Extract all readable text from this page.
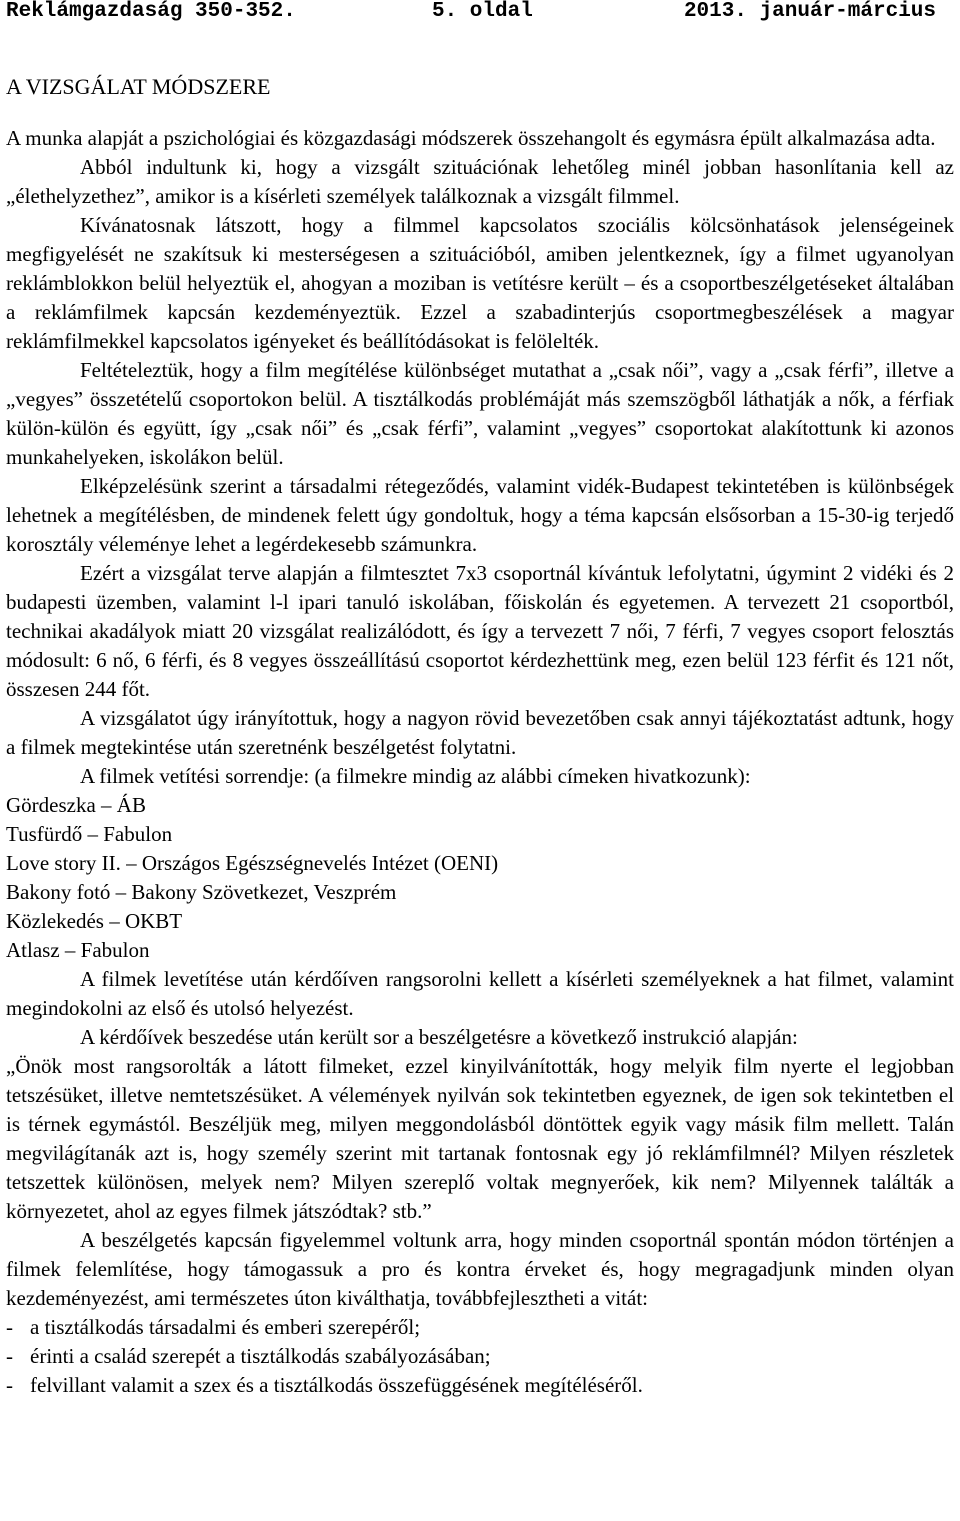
Reklámgazdaság 350-352.	5. oldal	2013. január-március
A VIZSGÁLAT MÓDSZERE

A munka alapját a pszichológiai és közgazdasági módszerek összehangolt és egymásra épült alkalmazása adta.

Abból indultunk ki, hogy a vizsgált szituációnak lehetőleg minél jobban hasonlítania kell az „élethelyzethez”, amikor is a kísérleti személyek találkoznak a vizsgált filmmel.

Kívánatosnak látszott, hogy a filmmel kapcsolatos szociális kölcsönhatások jelenségeinek megfigyelését ne szakítsuk ki mesterségesen a szituációból, amiben jelentkeznek, így a filmet ugyanolyan reklámblokkon belül helyeztük el, ahogyan a moziban is vetítésre került – és a csoportbeszélgetéseket általában a reklámfilmek kapcsán kezdeményeztük. Ezzel a szabadinterjús csoportmegbeszélések a magyar reklámfilmekkel kapcsolatos igényeket és beállítódásokat is felölelték.

Feltételeztük, hogy a film megítélése különbséget mutathat a „csak női”, vagy a „csak férfi”, illetve a „vegyes” összetételű csoportokon belül. A tisztálkodás problémáját más szemszögből láthatják a nők, a férfiak külön-külön és együtt, így „csak női” és „csak férfi”, valamint „vegyes” csoportokat alakítottunk ki azonos munkahelyeken, iskolákon belül.

Elképzelésünk szerint a társadalmi rétegeződés, valamint vidék-Budapest tekintetében is különbségek lehetnek a megítélésben, de mindenek felett úgy gondoltuk, hogy a téma kapcsán elsősorban a 15-30-ig terjedő korosztály véleménye lehet a legérdekesebb számunkra.

Ezért a vizsgálat terve alapján a filmtesztet 7x3 csoportnál kívántuk lefolytatni, úgymint 2 vidéki és 2 budapesti üzemben, valamint l-l ipari tanuló iskolában, főiskolán és egyetemen. A tervezett 21 csoportból, technikai akadályok miatt 20 vizsgálat realizálódott, és így a tervezett 7 női, 7 férfi, 7 vegyes csoport felosztás módosult: 6 nő, 6 férfi, és 8 vegyes összeállítású csoportot kérdezhettünk meg, ezen belül 123 férfit és 121 nőt, összesen 244 főt.

A vizsgálatot úgy irányítottuk, hogy a nagyon rövid bevezetőben csak annyi tájékoztatást adtunk, hogy a filmek megtekintése után szeretnénk beszélgetést folytatni.

A filmek vetítési sorrendje: (a filmekre mindig az alábbi címeken hivatkozunk):

Gördeszka – ÁB
Tusfürdő – Fabulon
Love story II. – Országos Egészségnevelés Intézet (OENI)
Bakony fotó – Bakony Szövetkezet, Veszprém
Közlekedés – OKBT
Atlasz – Fabulon

A filmek levetítése után kérdőíven rangsorolni kellett a kísérleti személyeknek a hat filmet, valamint megindokolni az első és utolsó helyezést.

A kérdőívek beszedése után került sor a beszélgetésre a következő instrukció alapján:

„Önök most rangsorolták a látott filmeket, ezzel kinyilvánították, hogy melyik film nyerte el legjobban tetszésüket, illetve nemtetszésüket. A vélemények nyilván sok tekintetben egyeznek, de igen sok tekintetben el is térnek egymástól. Beszéljük meg, milyen meggondolásból döntöttek egyik vagy másik film mellett. Talán megvilágítanák azt is, hogy személy szerint mit tartanak fontosnak egy jó reklámfilmnél? Milyen részletek tetszettek különösen, melyek nem? Milyen szereplő voltak megnyerőek, kik nem? Milyennek találták a környezetet, ahol az egyes filmek játszódtak? stb.”

A beszélgetés kapcsán figyelemmel voltunk arra, hogy minden csoportnál spontán módon történjen a filmek felemlítése, hogy támogassuk a pro és kontra érveket és, hogy megragadjunk minden olyan kezdeményezést, ami természetes úton kiválthatja, továbbfejlesztheti a vitát:

- a tisztálkodás társadalmi és emberi szerepéről;
- érinti a család szerepét a tisztálkodás szabályozásában;
- felvillant valamit a szex és a tisztálkodás összefüggésének megítéléséről.
